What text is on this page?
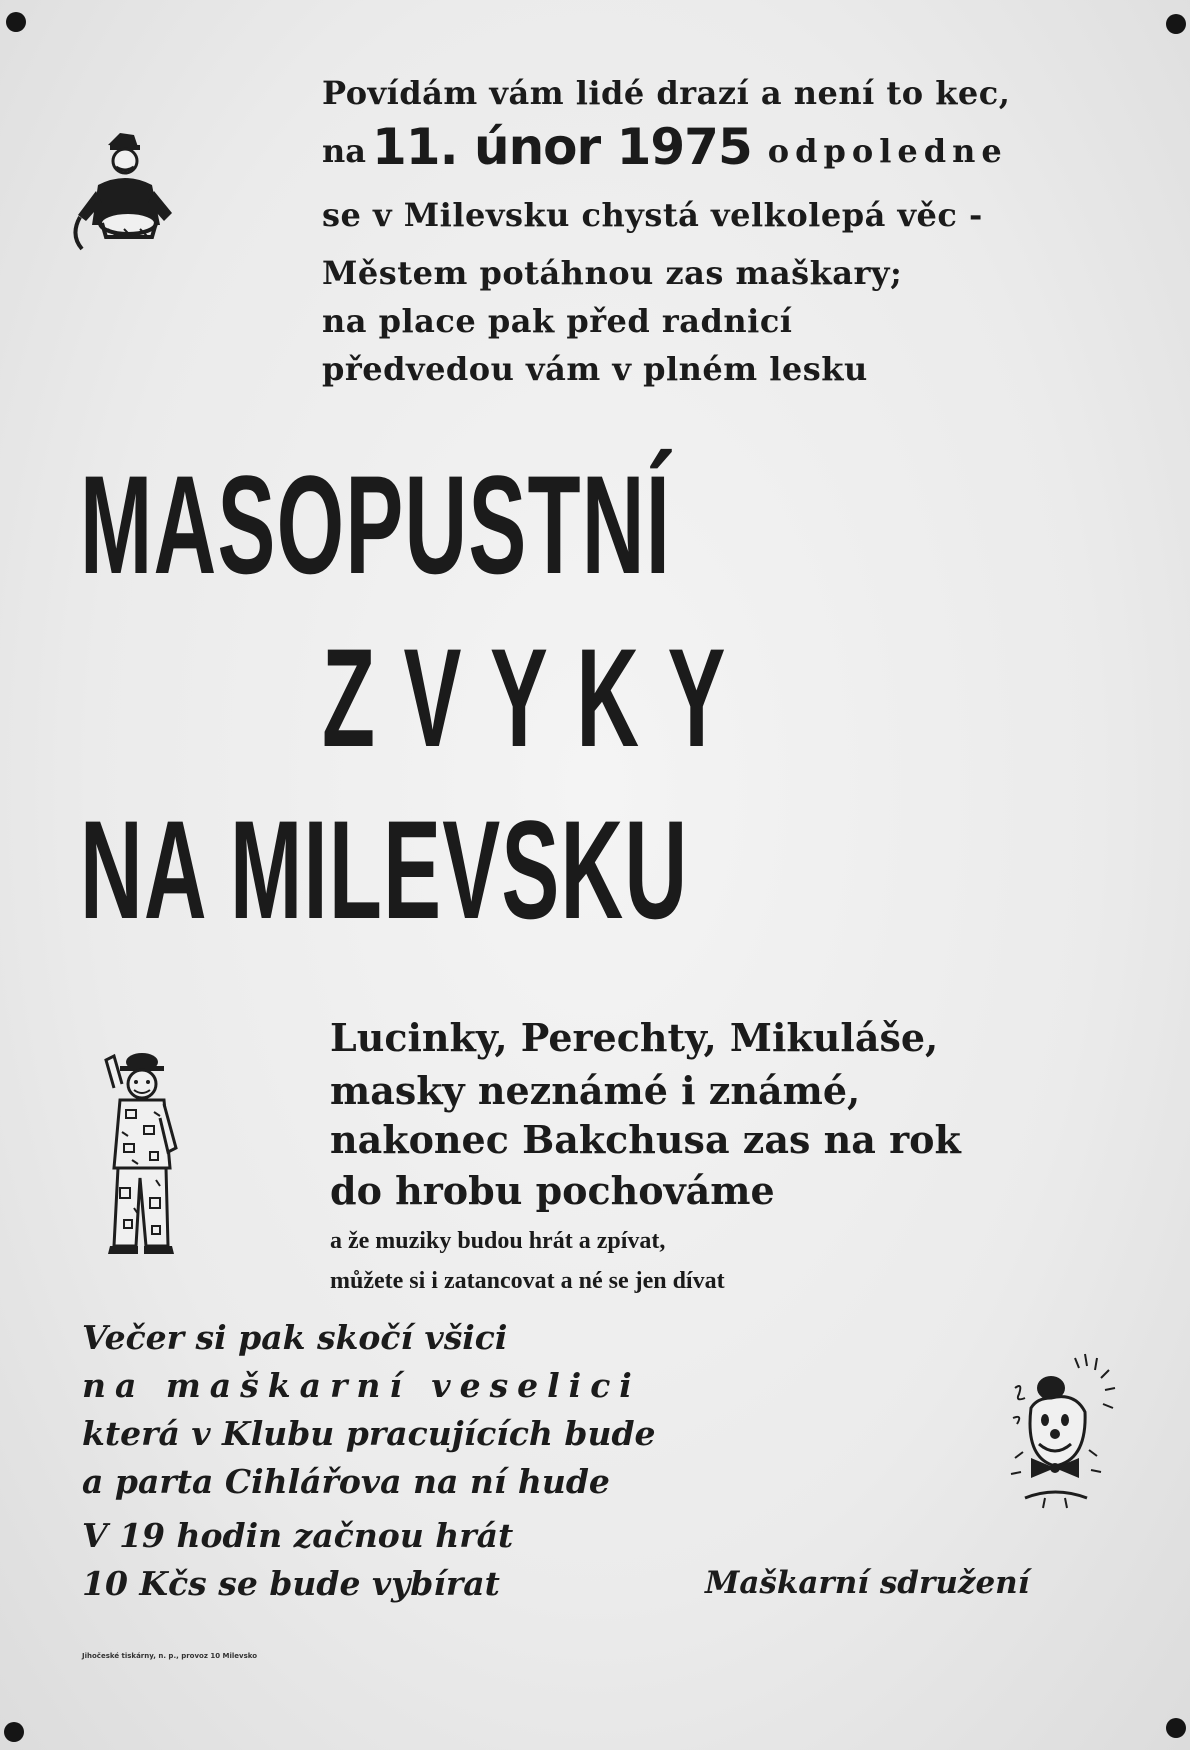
Povídám vám lidé drazí a není to kec,
na 11. únor 1975 odpoledne
se v Milevsku chystá velkolepá věc -
Městem potáhnou zas maškary;
na place pak před radnicí
předvedou vám v plném lesku
MASOPUSTNÍ
ZVYKY
NA MILEVSKU
Lucinky, Perechty, Mikuláše,
masky neznámé i známé,
nakonec Bakchusa zas na rok
do hrobu pochováme
a že muziky budou hrát a zpívat,
můžete si i zatancovat a né se jen dívat
Večer si pak skočí všici
na maškarní veselici
která v Klubu pracujících bude
a parta Cihlářova na ní hude
V 19 hodin začnou hrát
10 Kčs se bude vybírat	Maškarní sdružení
Jihočeské tiskárny, n. p., provoz 10 Milevsko
